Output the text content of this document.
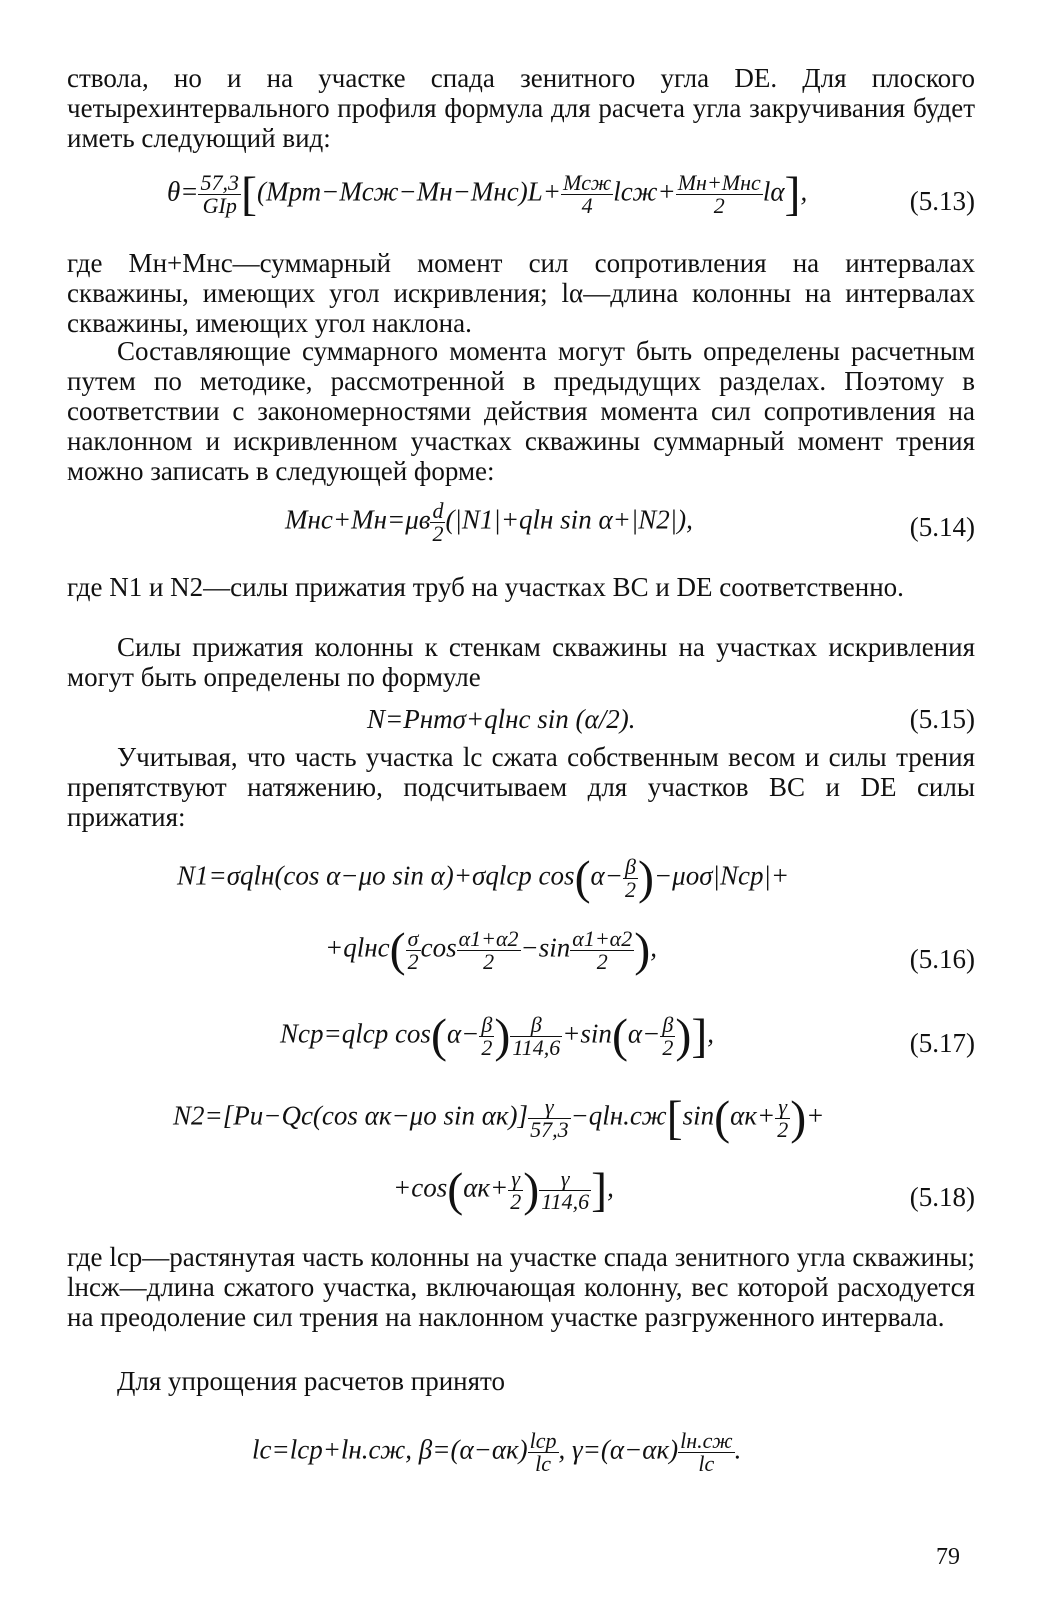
ствола, но и на участке спада зенитного угла DE. Для плоского четырехинтервального профиля формула для расчета угла закручивания будет иметь следующий вид:

$\theta= \frac{57,3}{\text{GIp}} [(Mрт-Mсж-Mн-Mнс)L+ \frac{\text{Mсж}}{4} lсж+ \frac{\text{Mн+Mнс}}{2} l\alpha]$,	(5.13)

где Mн+Mнс—суммарный момент сил сопротивления на интервалах скважины, имеющих угол искривления; lα—длина колонны на интервалах скважины, имеющих угол наклона.

Составляющие суммарного момента могут быть определены расчетным путем по методике, рассмотренной в предыдущих разделах. Поэтому в соответствии с закономерностями действия момента сил сопротивления на наклонном и искривленном участках скважины суммарный момент трения можно записать в следующей форме:

$Mнс+Mн=\mu в \frac{d}{2} (|N1|+qlн$ sin α+|N2|),	(5.14)

где N1 и N2—силы прижатия труб на участках BC и DE соответственно.

Силы прижатия колонны к стенкам скважины на участках искривления могут быть определены по формуле

N=Pнтσ+qlнс sin (α/2).	(5.15)

Учитывая, что часть участка lс сжата собственным весом и силы трения препятствуют натяжению, подсчитываем для участков BC и DE силы прижатия:

N1=σqlн(cos α−μо sin α)+σqlср $\cos(\alpha- \frac{\beta}{2} )-\mu о\sigma|Nср|+$
+qlнс( $\frac{\sigma}{2}$ $\cos \frac{\alpha 1+\alpha 2}{2} -\sin \frac{\alpha 1+\alpha 2}{2}$ ),	(5.16)
Nср=qlср $\cos(\alpha- \frac{\beta}{2}$ ) $\frac{\beta}{114,6} +\sin(\alpha- \frac{\beta}{2}$ )],	(5.17)
N2=[Pи−Qс(cos αк−μо $\sin \alpha к)] \frac{\gamma}{57,3} -qlн.сж[\sin(\alpha к+ \frac{\gamma}{2}$ )+
$+\cos(\alpha к+ \frac{\gamma}{2}$ ) $\frac{\gamma}{114,6}$ ],	(5.18)

где lср—растянутая часть колонны на участке спада зенитного угла скважины; lнсж—длина сжатого участка, включающая колонну, вес которой расходуется на преодоление сил трения на наклонном участке разгруженного интервала.

Для упрощения расчетов принято

lс=lср+lн.сж, $\beta=(\alpha-\alpha к) \frac{\text{lср}}{lс}$ , $\gamma=(\alpha-\alpha к) \frac{lн.сж}{lс}$ .
79
